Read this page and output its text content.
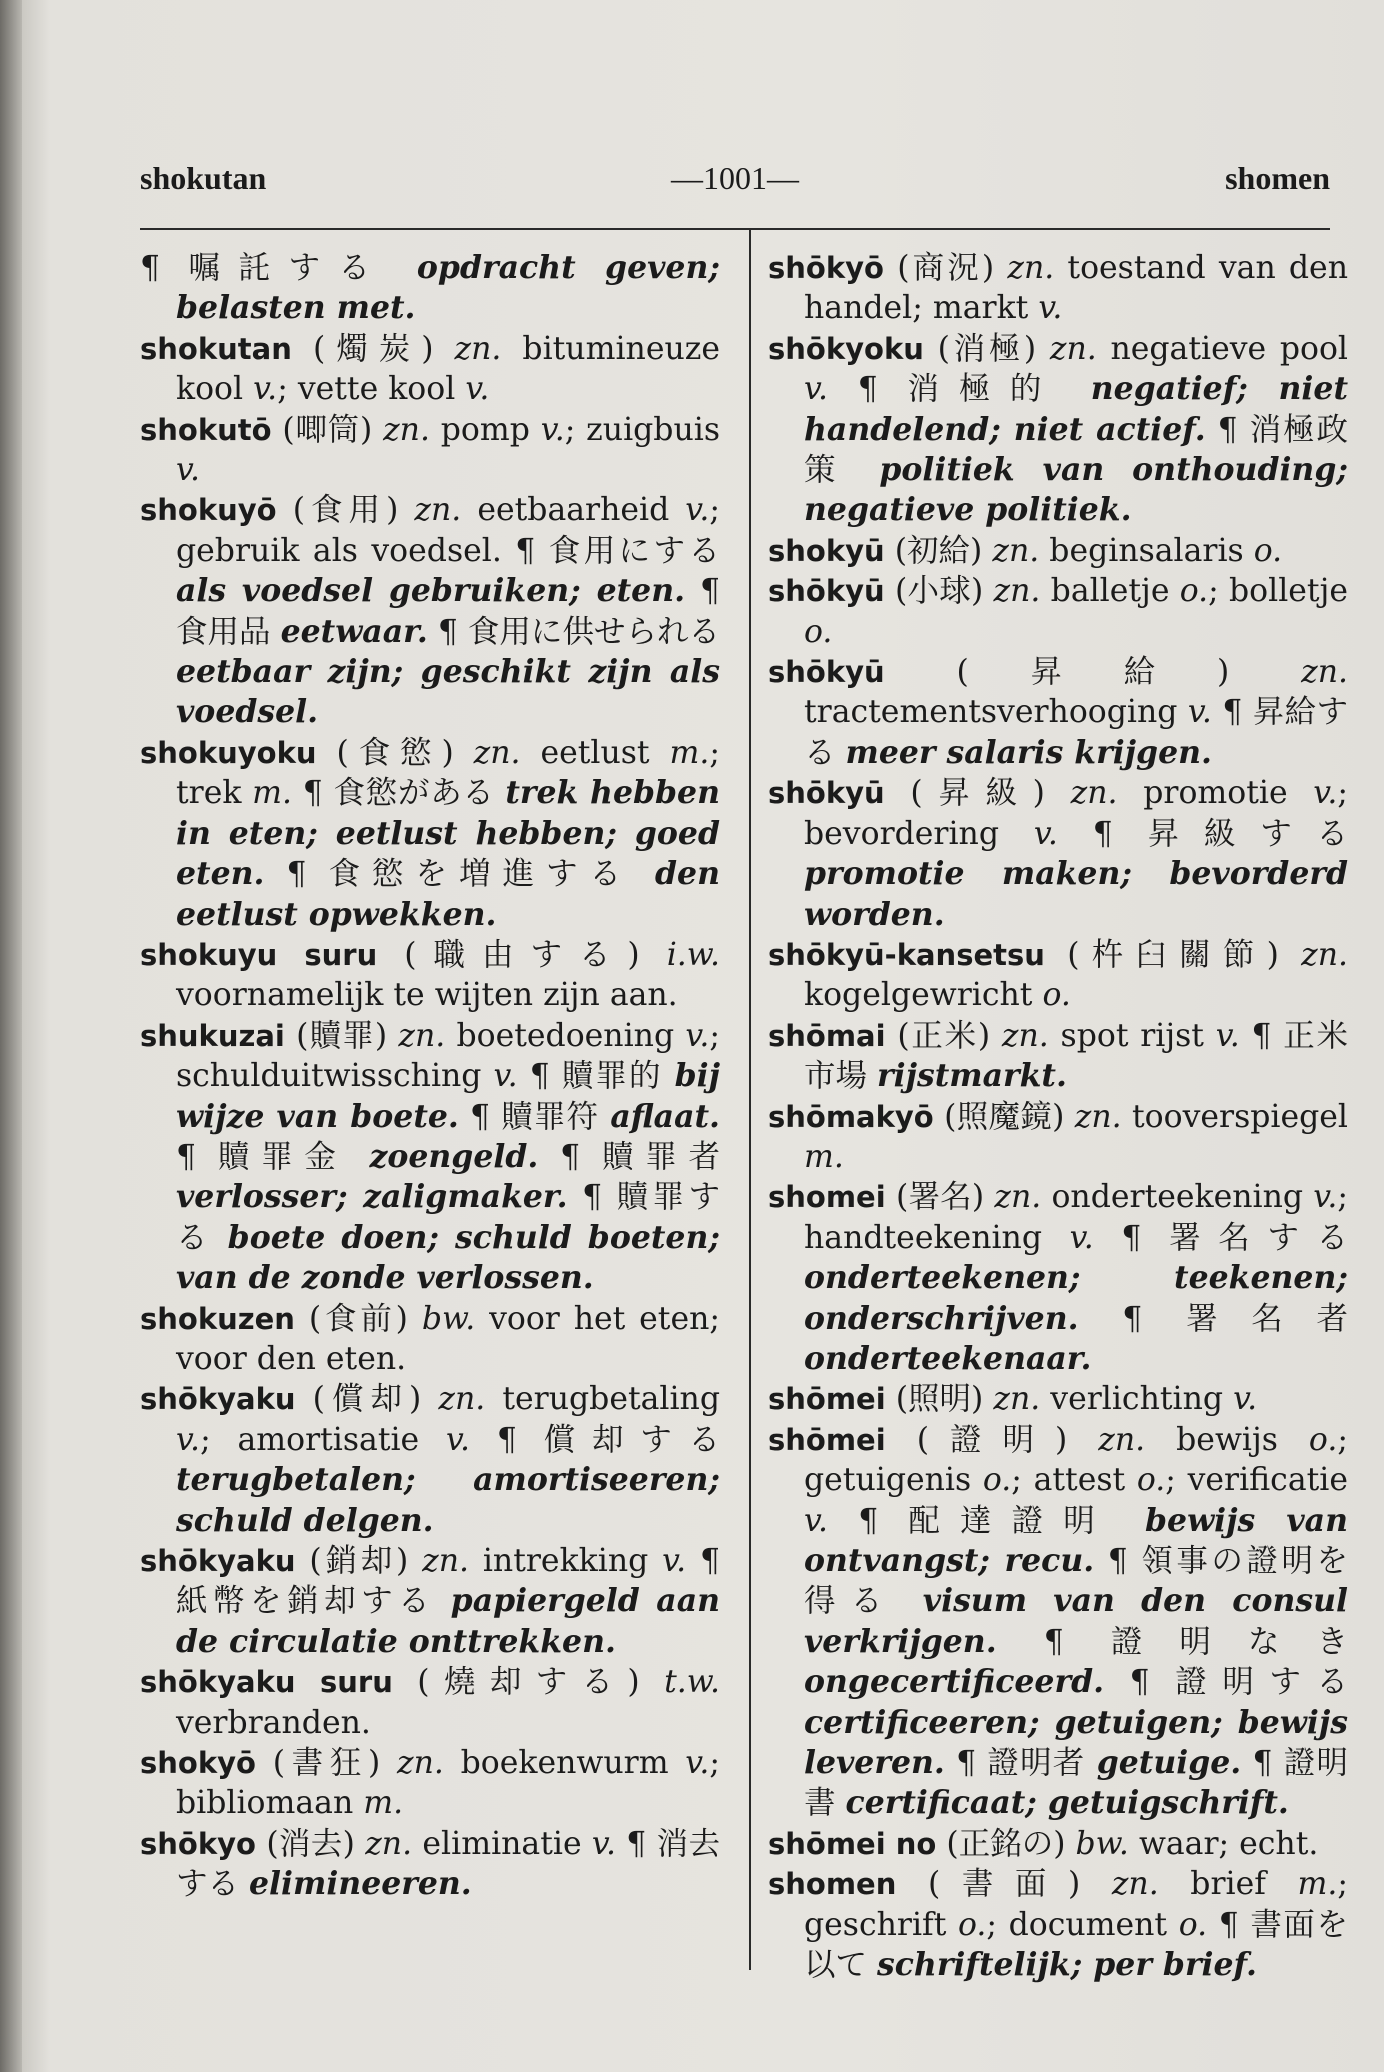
shokutan	—1001—	shomen
¶ 嘱託する opdracht geven; belasten met.
shokutan (燭炭) zn. bitumineuze kool v.; vette kool v.
shokutō (唧筒) zn. pomp v.; zuigbuis v.
shokuyō (食用) zn. eetbaarheid v.; gebruik als voedsel. ¶ 食用にする als voedsel gebruiken; eten. ¶ 食用品 eetwaar. ¶ 食用に供せられる eetbaar zijn; geschikt zijn als voedsel.
shokuyoku (食慾) zn. eetlust m.; trek m. ¶ 食慾がある trek hebben in eten; eetlust hebben; goed eten. ¶ 食慾を増進する den eetlust opwekken.
shokuyu suru (職由する) i.w. voornamelijk te wijten zijn aan.
shukuzai (贖罪) zn. boetedoening v.; schulduitwissching v. ¶ 贖罪的 bij wijze van boete. ¶ 贖罪符 aflaat. ¶ 贖罪金 zoengeld. ¶ 贖罪者 verlosser; zaligmaker. ¶ 贖罪する boete doen; schuld boeten; van de zonde verlossen.
shokuzen (食前) bw. voor het eten; voor den eten.
shōkyaku (償却) zn. terugbetaling v.; amortisatie v. ¶ 償却する terugbetalen; amortiseeren; schuld delgen.
shōkyaku (銷却) zn. intrekking v. ¶ 紙幣を銷却する papiergeld aan de circulatie onttrekken.
shōkyaku suru (燒却する) t.w. verbranden.
shokyō (書狂) zn. boekenwurm v.; bibliomaan m.
shōkyo (消去) zn. eliminatie v. ¶ 消去する elimineeren.
shōkyō (商況) zn. toestand van den handel; markt v.
shōkyoku (消極) zn. negatieve pool v. ¶ 消極的 negatief; niet handelend; niet actief. ¶ 消極政策 politiek van onthouding; negatieve politiek.
shokyū (初給) zn. beginsalaris o.
shōkyū (小球) zn. balletje o.; bolletje o.
shōkyū (昇給) zn. tractementsverhooging v. ¶ 昇給する meer salaris krijgen.
shōkyū (昇級) zn. promotie v.; bevordering v. ¶ 昇級する promotie maken; bevorderd worden.
shōkyū-kansetsu (杵臼關節) zn. kogelgewricht o.
shōmai (正米) zn. spot rijst v. ¶ 正米市場 rijstmarkt.
shōmakyō (照魔鏡) zn. tooverspiegel m.
shomei (署名) zn. onderteekening v.; handteekening v. ¶ 署名する onderteekenen; teekenen; onderschrijven. ¶ 署名者 onderteekenaar.
shōmei (照明) zn. verlichting v.
shōmei (證明) zn. bewijs o.; getuigenis o.; attest o.; verificatie v. ¶ 配達證明 bewijs van ontvangst; recu. ¶ 領事の證明を得る visum van den consul verkrijgen. ¶ 證明なき ongecertificeerd. ¶ 證明する certificeeren; getuigen; bewijs leveren. ¶ 證明者 getuige. ¶ 證明書 certificaat; getuigschrift.
shōmei no (正銘の) bw. waar; echt.
shomen (書面) zn. brief m.; geschrift o.; document o. ¶ 書面を以て schriftelijk; per brief.
